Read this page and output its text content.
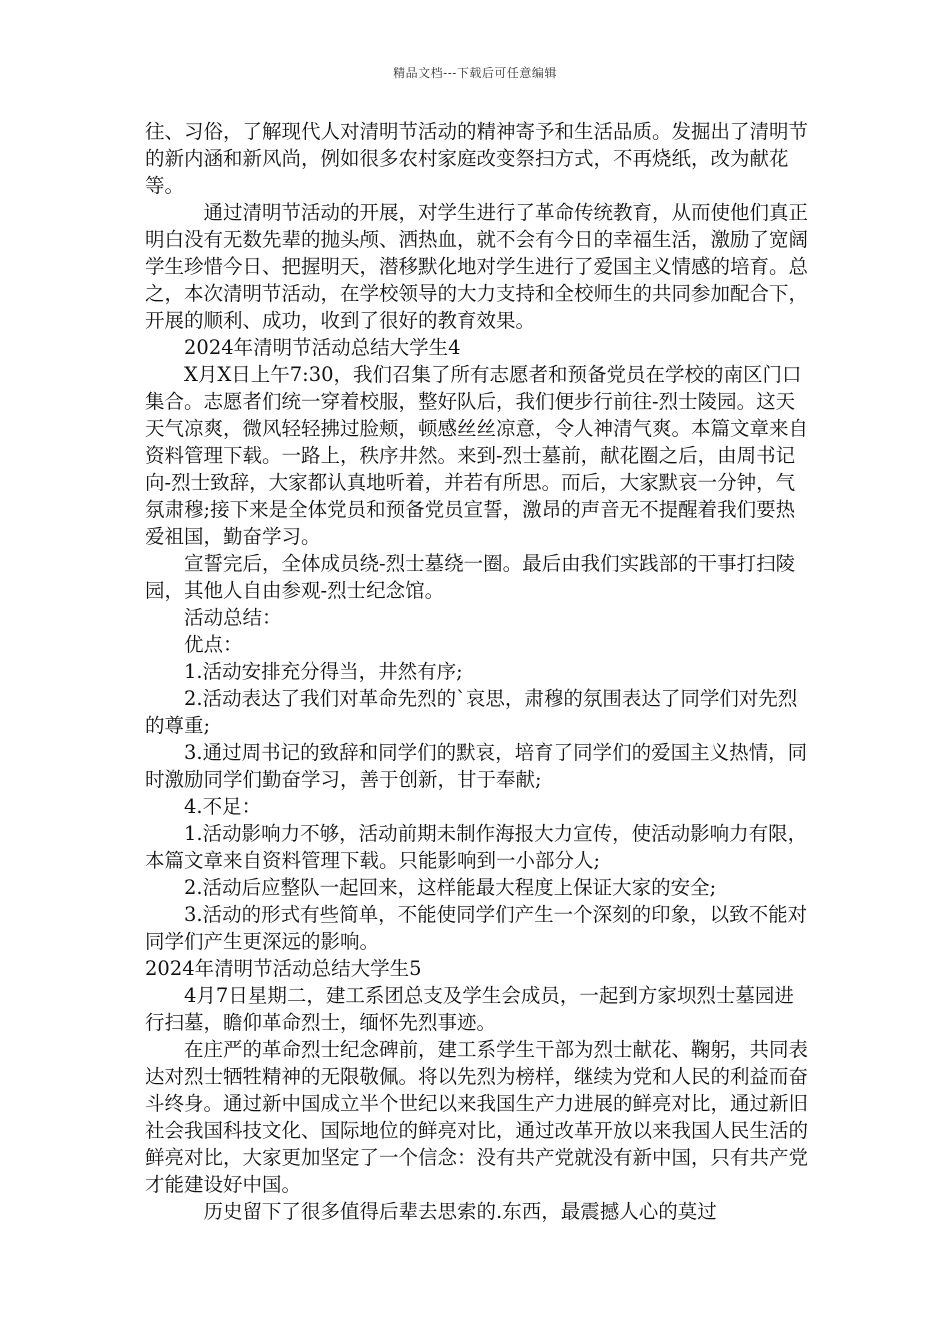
精品文档---下载后可任意编辑

往、习俗，了解现代人对清明节活动的精神寄予和生活品质。发掘出了清明节的新内涵和新风尚，例如很多农村家庭改变祭扫方式，不再烧纸，改为献花等。

通过清明节活动的开展，对学生进行了革命传统教育，从而使他们真正明白没有无数先辈的抛头颅、洒热血，就不会有今日的幸福生活，激励了宽阔学生珍惜今日、把握明天，潜移默化地对学生进行了爱国主义情感的培育。总之，本次清明节活动，在学校领导的大力支持和全校师生的共同参加配合下，开展的顺利、成功，收到了很好的教育效果。

2024年清明节活动总结大学生4

X月X日上午7:30，我们召集了所有志愿者和预备党员在学校的南区门口集合。志愿者们统一穿着校服，整好队后，我们便步行前往-烈士陵园。这天天气凉爽，微风轻轻拂过脸颊，顿感丝丝凉意，令人神清气爽。本篇文章来自资料管理下载。一路上，秩序井然。来到-烈士墓前，献花圈之后，由周书记向-烈士致辞，大家都认真地听着，并若有所思。而后，大家默哀一分钟，气氛肃穆;接下来是全体党员和预备党员宣誓，激昂的声音无不提醒着我们要热爱祖国，勤奋学习。

宣誓完后，全体成员绕-烈士墓绕一圈。最后由我们实践部的干事打扫陵园，其他人自由参观-烈士纪念馆。

活动总结：

优点：

1.活动安排充分得当，井然有序;

2.活动表达了我们对革命先烈的`哀思，肃穆的氛围表达了同学们对先烈的尊重;

3.通过周书记的致辞和同学们的默哀，培育了同学们的爱国主义热情，同时激励同学们勤奋学习，善于创新，甘于奉献;

4.不足：

1.活动影响力不够，活动前期未制作海报大力宣传，使活动影响力有限，本篇文章来自资料管理下载。只能影响到一小部分人;

2.活动后应整队一起回来，这样能最大程度上保证大家的安全;

3.活动的形式有些简单，不能使同学们产生一个深刻的印象，以致不能对同学们产生更深远的影响。

2024年清明节活动总结大学生5

4月7日星期二，建工系团总支及学生会成员，一起到方家坝烈士墓园进行扫墓，瞻仰革命烈士，缅怀先烈事迹。

在庄严的革命烈士纪念碑前，建工系学生干部为烈士献花、鞠躬，共同表达对烈士牺牲精神的无限敬佩。将以先烈为榜样，继续为党和人民的利益而奋斗终身。通过新中国成立半个世纪以来我国生产力进展的鲜亮对比，通过新旧社会我国科技文化、国际地位的鲜亮对比，通过改革开放以来我国人民生活的鲜亮对比，大家更加坚定了一个信念：没有共产党就没有新中国，只有共产党才能建设好中国。

历史留下了很多值得后辈去思索的.东西，最震撼人心的莫过
